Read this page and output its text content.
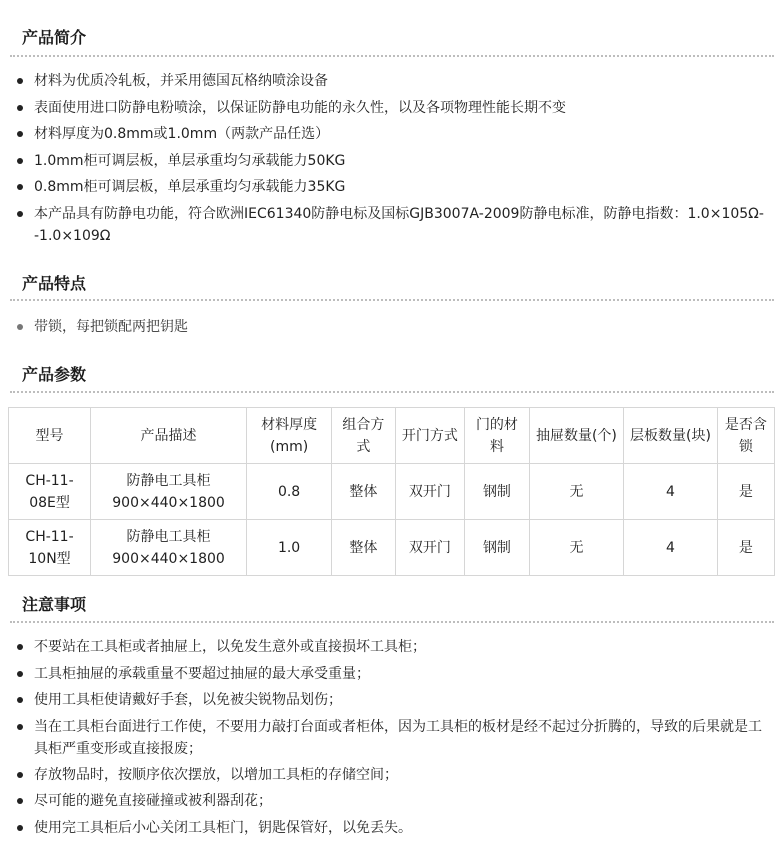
产品简介
材料为优质冷轧板，并采用德国瓦格纳喷涂设备
表面使用进口防静电粉喷涂，以保证防静电功能的永久性，以及各项物理性能长期不变
材料厚度为0.8mm或1.0mm（两款产品任选）
1.0mm柜可调层板，单层承重均匀承载能力50KG
0.8mm柜可调层板，单层承重均匀承载能力35KG
本产品具有防静电功能，符合欧洲IEC61340防静电标及国标GJB3007A-2009防静电标准，防静电指数：1.0×105Ω--1.0×109Ω
产品特点
带锁，每把锁配两把钥匙
产品参数
型号	产品描述	材料厚度(mm)	组合方式	开门方式	门的材料	抽屉数量(个)	层板数量(块)	是否含锁
CH-11-08E型	防静电工具柜 900×440×1800	0.8	整体	双开门	钢制	无	4	是
CH-11-10N型	防静电工具柜 900×440×1800	1.0	整体	双开门	钢制	无	4	是
注意事项
不要站在工具柜或者抽屉上，以免发生意外或直接损坏工具柜；
工具柜抽屉的承载重量不要超过抽屉的最大承受重量；
使用工具柜使请戴好手套，以免被尖锐物品划伤；
当在工具柜台面进行工作使，不要用力敲打台面或者柜体，因为工具柜的板材是经不起过分折腾的，导致的后果就是工具柜严重变形或直接报废；
存放物品时，按顺序依次摆放，以增加工具柜的存储空间；
尽可能的避免直接碰撞或被利器刮花；
使用完工具柜后小心关闭工具柜门，钥匙保管好，以免丢失。
